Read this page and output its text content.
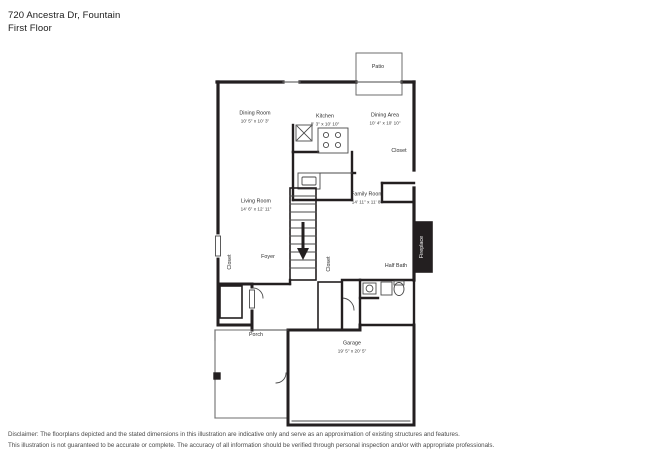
720 Ancestra Dr, Fountain
First Floor
Patio
Dining Room
10' 5" x 10' 3"
Kitchen
8' 3" x 10' 10"
Dining Area
10' 4" x 10' 10"
Closet
Living Room
14' 6" x 12' 11"
Family Room
14' 11" x 11' 8"
Fireplace
Closet	Foyer	Closet	Half Bath
Porch
Garage
19' 5" x 20' 5"
Disclaimer: The floorplans depicted and the stated dimensions in this illustration are indicative only and serve as an approximation of existing structures and features.
This illustration is not guaranteed to be accurate or complete. The accuracy of all information should be verified through personal inspection and/or with appropriate professionals.
